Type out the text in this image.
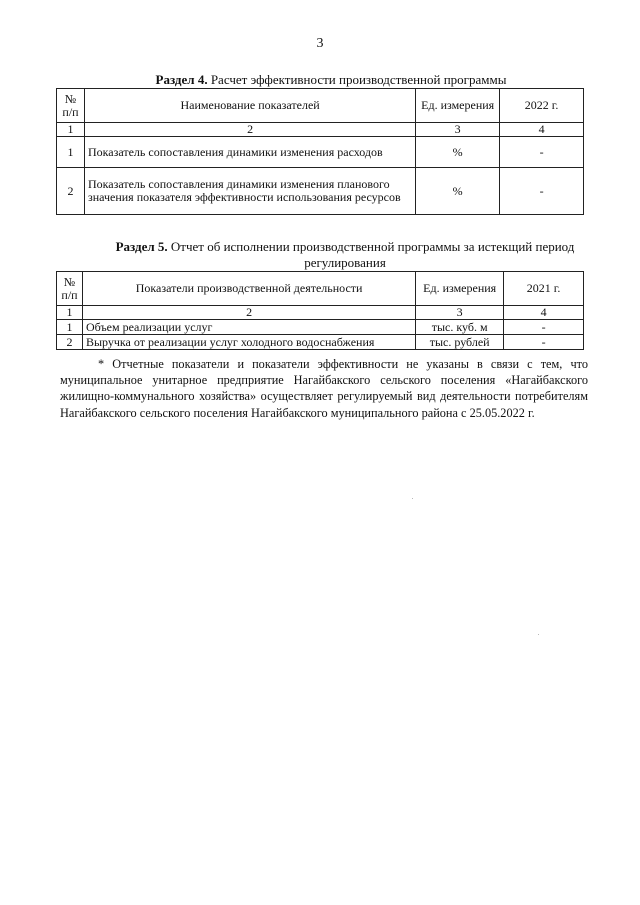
3
Раздел 4. Расчет эффективности производственной программы
№ п/п	Наименование показателей	Ед. измерения	2022 г.
1	2	3	4
1	Показатель сопоставления динамики изменения расходов	%	-
2	Показатель сопоставления динамики изменения планового значения показателя эффективности использования ресурсов	%	-
Раздел 5. Отчет об исполнении производственной программы за истекщий период регулирования
№ п/п	Показатели производственной деятельности	Ед. измерения	2021 г.
1	2	3	4
1	Объем реализации услуг	тыс. куб. м	-
2	Выручка от реализации услуг холодного водоснабжения	тыс. рублей	-
* Отчетные показатели и показатели эффективности не указаны в связи с тем, что муниципальное унитарное предприятие Нагайбакского сельского поселения «Нагайбакского жилищно-коммунального хозяйства» осуществляет регулируемый вид деятельности потребителям Нагайбакского сельского поселения Нагайбакского муниципального района с 25.05.2022 г.
